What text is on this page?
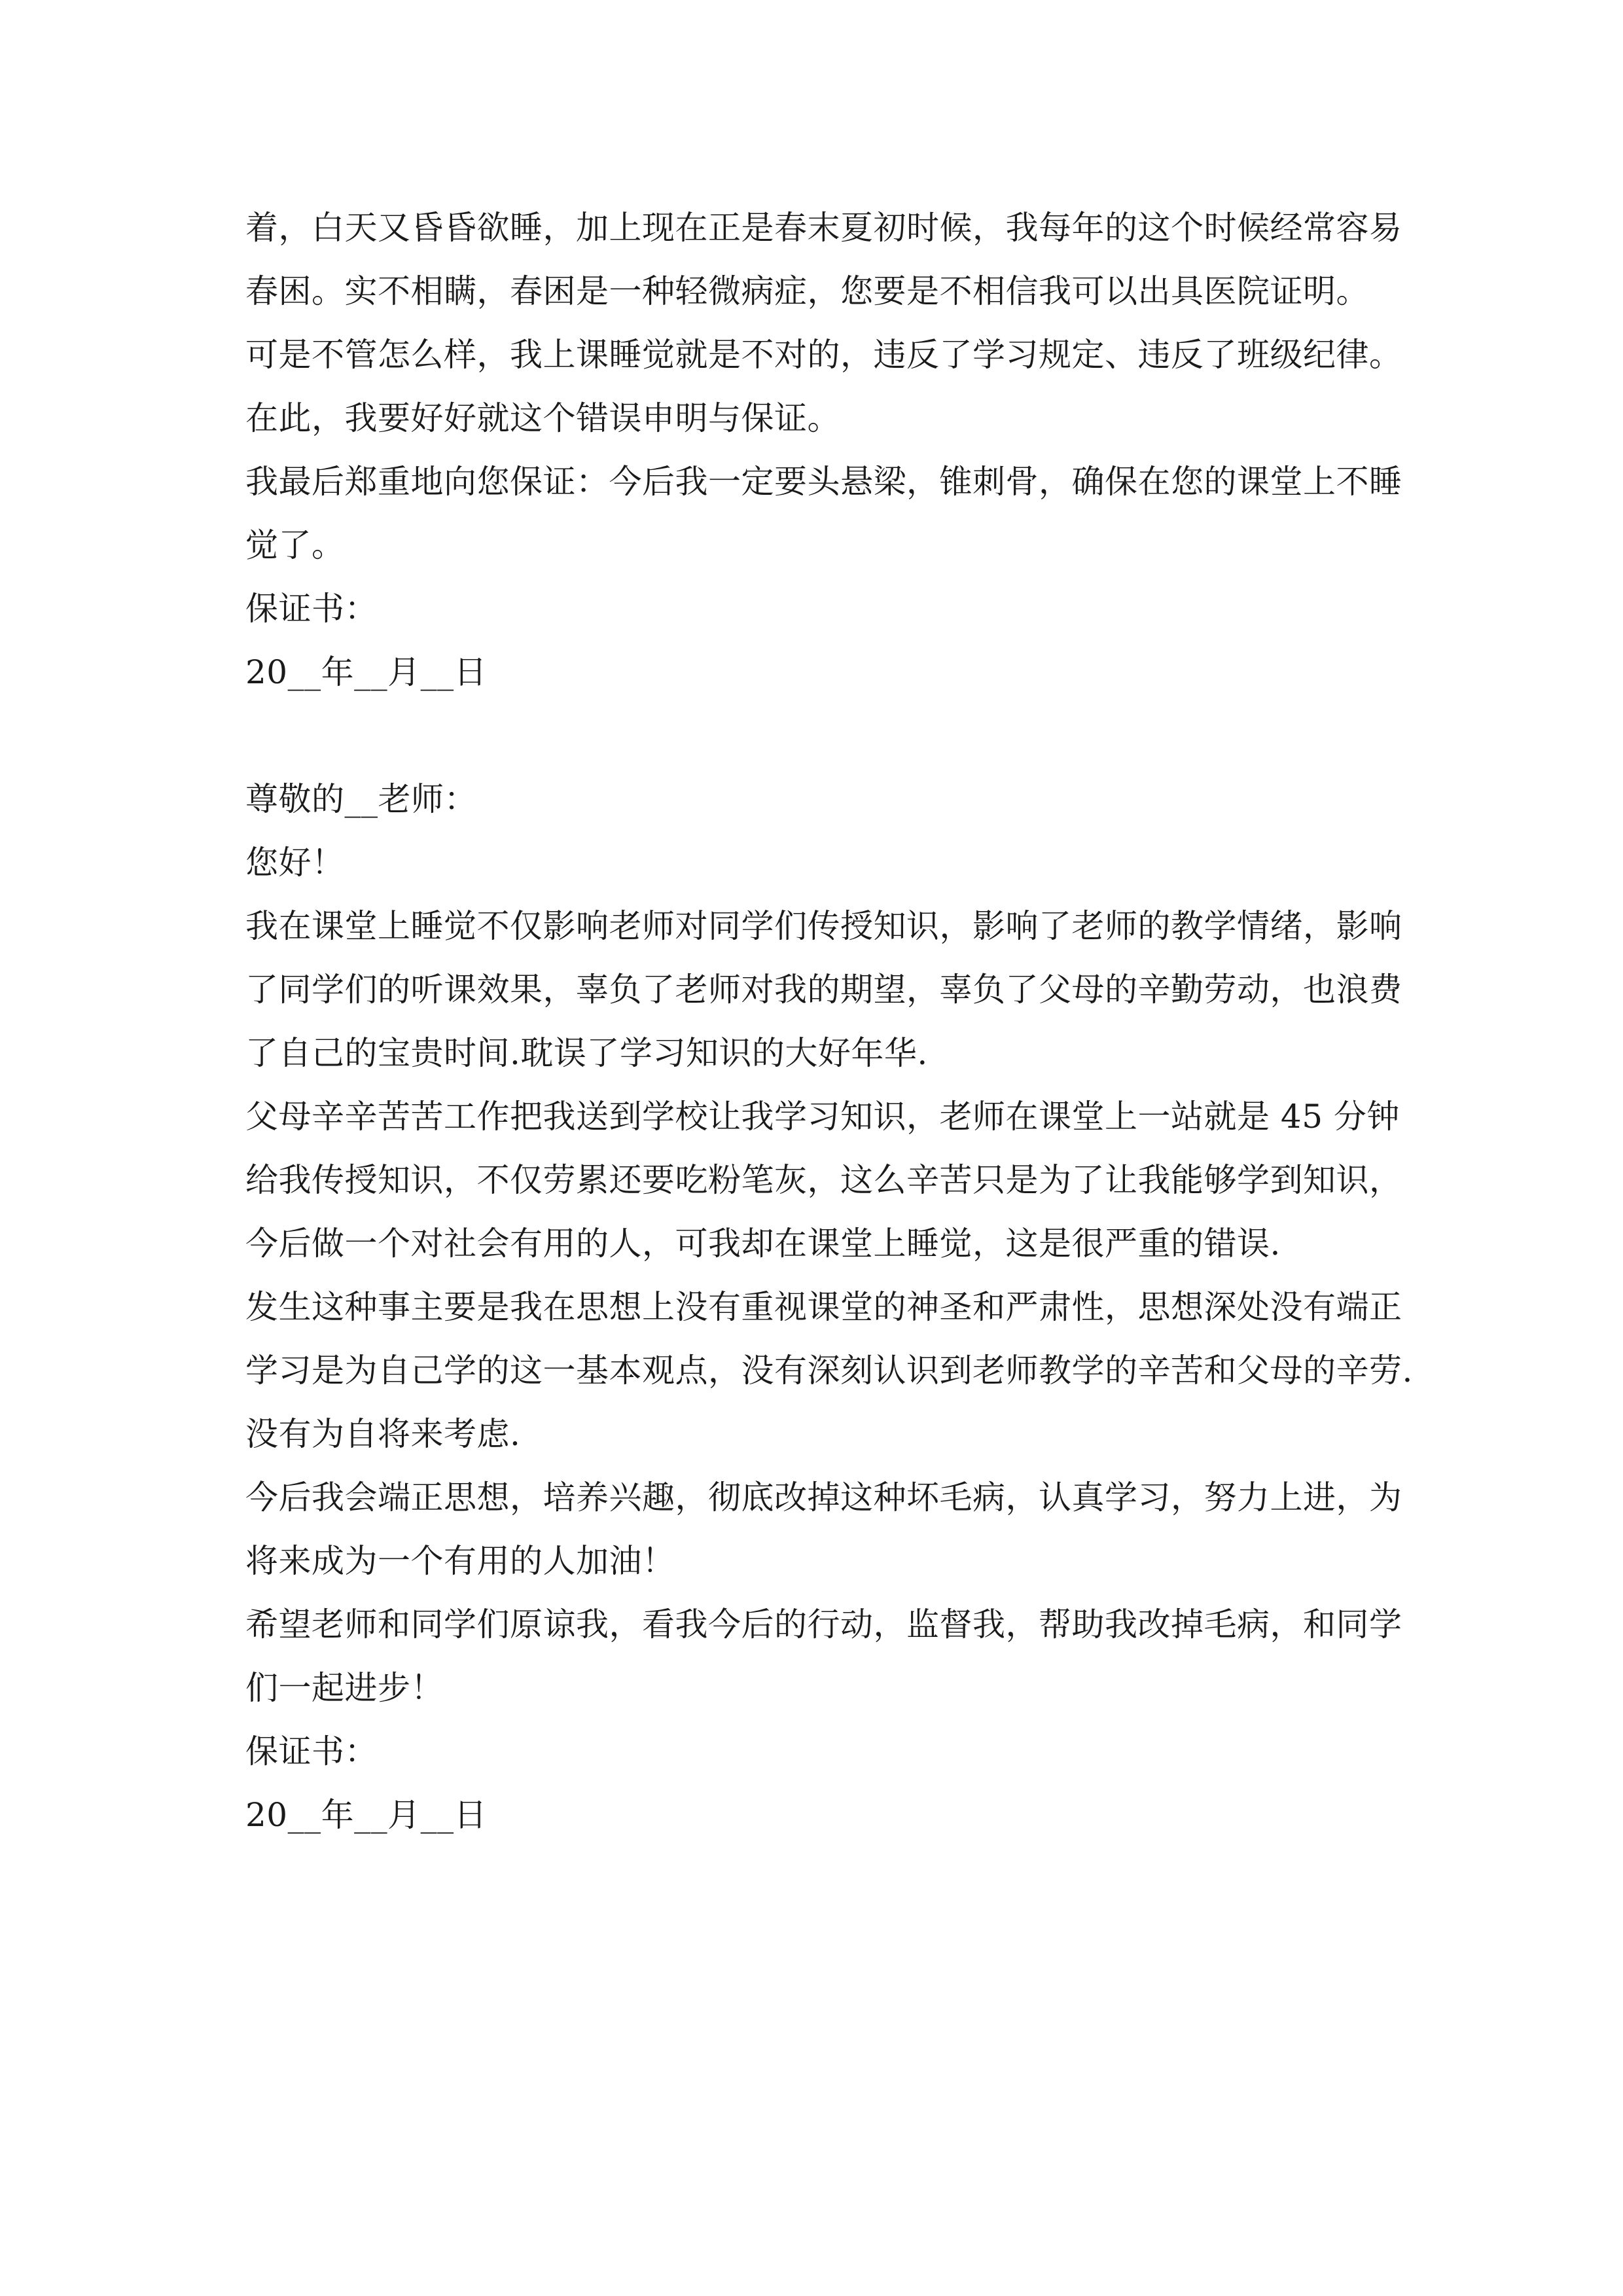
着，白天又昏昏欲睡，加上现在正是春末夏初时候，我每年的这个时候经常容易
春困。实不相瞒，春困是一种轻微病症，您要是不相信我可以出具医院证明。
可是不管怎么样，我上课睡觉就是不对的，违反了学习规定、违反了班级纪律。
在此，我要好好就这个错误申明与保证。
我最后郑重地向您保证：今后我一定要头悬梁，锥刺骨，确保在您的课堂上不睡
觉了。
保证书：
20__年__月__日
尊敬的__老师：
您好！
我在课堂上睡觉不仅影响老师对同学们传授知识，影响了老师的教学情绪，影响
了同学们的听课效果，辜负了老师对我的期望，辜负了父母的辛勤劳动，也浪费
了自己的宝贵时间.耽误了学习知识的大好年华.
父母辛辛苦苦工作把我送到学校让我学习知识，老师在课堂上一站就是 45 分钟
给我传授知识，不仅劳累还要吃粉笔灰，这么辛苦只是为了让我能够学到知识，
今后做一个对社会有用的人，可我却在课堂上睡觉，这是很严重的错误.
发生这种事主要是我在思想上没有重视课堂的神圣和严肃性，思想深处没有端正
学习是为自己学的这一基本观点，没有深刻认识到老师教学的辛苦和父母的辛劳.
没有为自将来考虑.
今后我会端正思想，培养兴趣，彻底改掉这种坏毛病，认真学习，努力上进，为
将来成为一个有用的人加油！
希望老师和同学们原谅我，看我今后的行动，监督我，帮助我改掉毛病，和同学
们一起进步！
保证书：
20__年__月__日
